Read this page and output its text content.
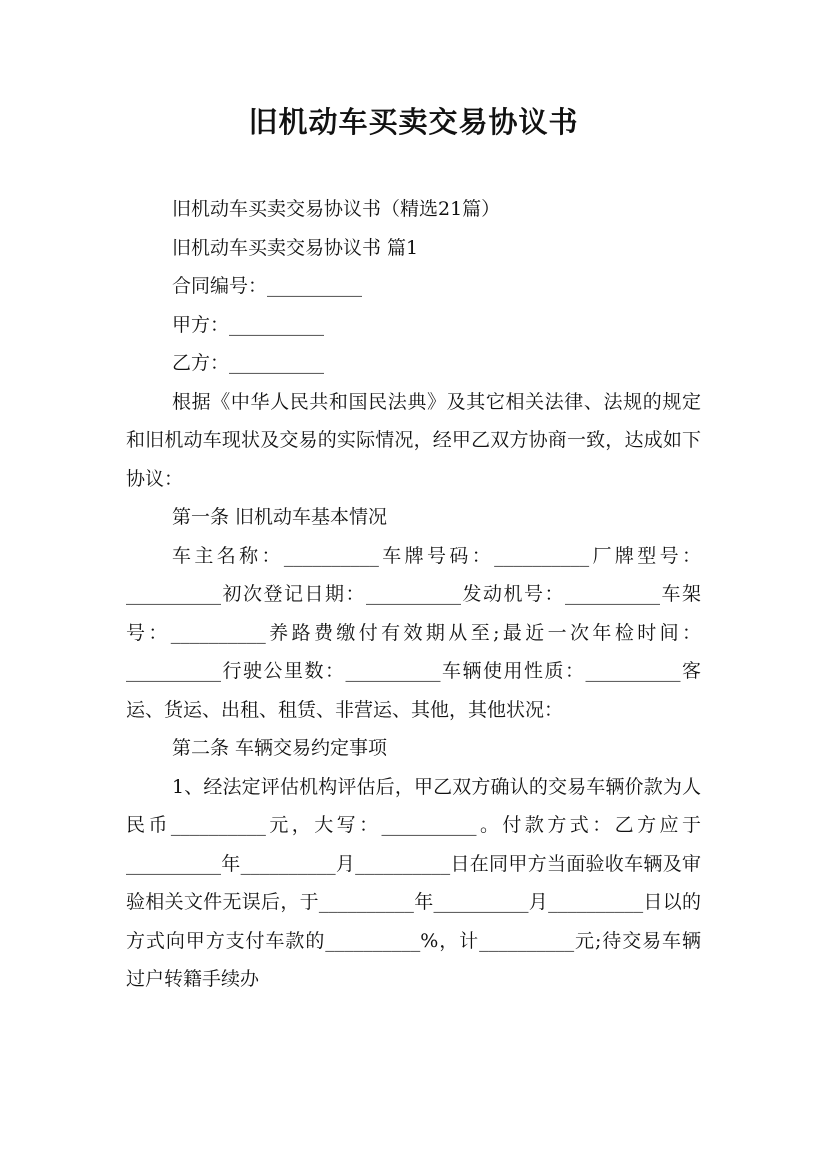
旧机动车买卖交易协议书

旧机动车买卖交易协议书（精选21篇）

旧机动车买卖交易协议书 篇1

合同编号：__________

甲方：__________

乙方：__________

根据《中华人民共和国民法典》及其它相关法律、法规的规定和旧机动车现状及交易的实际情况，经甲乙双方协商一致，达成如下协议：

第一条 旧机动车基本情况

车主名称：__________车牌号码：__________厂牌型号：__________初次登记日期：__________发动机号：__________车架号：__________养路费缴付有效期从至;最近一次年检时间：__________行驶公里数：__________车辆使用性质：__________客运、货运、出租、租赁、非营运、其他，其他状况：

第二条 车辆交易约定事项

1、经法定评估机构评估后，甲乙双方确认的交易车辆价款为人民币__________元，大写：__________。付款方式：乙方应于__________年__________月__________日在同甲方当面验收车辆及审验相关文件无误后，于__________年__________月__________日以的方式向甲方支付车款的__________%，计__________元;待交易车辆过户转籍手续办
